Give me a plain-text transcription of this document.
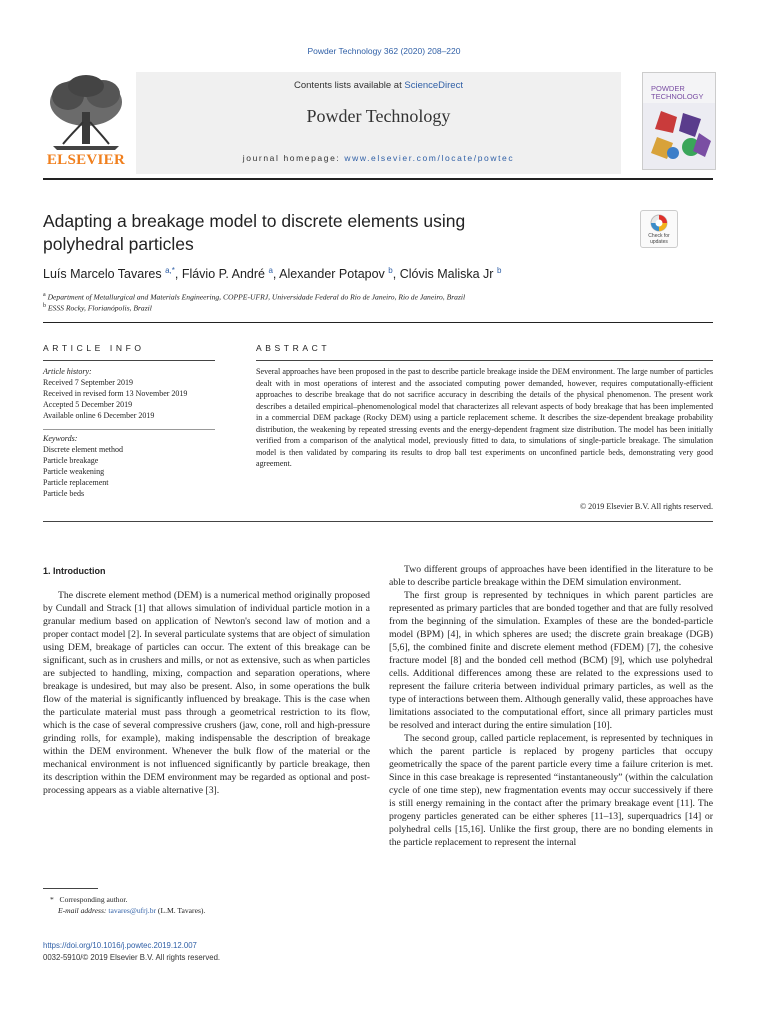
Powder Technology 362 (2020) 208–220
ELSEVIER
Contents lists available at ScienceDirect
Powder Technology
journal homepage: www.elsevier.com/locate/powtec
POWDER
TECHNOLOGY
Adapting a breakage model to discrete elements using
polyhedral particles	Check for
updates
Luís Marcelo Tavares $^{a,*}$, Flávio P. André $^a$, Alexander Potapov $^b$, Clóvis Maliska Jr $^b$
$^a$ Department of Metallurgical and Materials Engineering, COPPE-UFRJ, Universidade Federal do Rio de Janeiro, Rio de Janeiro, Brazil
$^b$ ESSS Rocky, Florianópolis, Brazil
ARTICLE INFO
Article history:
Received 7 September 2019
Received in revised form 13 November 2019
Accepted 5 December 2019
Available online 6 December 2019
Keywords:
Discrete element method
Particle breakage
Particle weakening
Particle replacement
Particle beds
ABSTRACT
Several approaches have been proposed in the past to describe particle breakage inside the DEM environment. The large number of particles dealt with in most operations of interest and the associated computing power demanded, however, requires computationally-efficient approaches to describe breakage that do not sacrifice accuracy in describing the details of the physical phenomenon. The present work describes a detailed empirical–phenomenological model that characterizes all relevant aspects of body breakage that has been implemented in a commercial DEM package (Rocky DEM) using a particle replacement scheme. It describes the size-dependent breakage probability distribution, the weakening by repeated stressing events and the energy-dependent fragment size distribution. The model has been initially verified from a comparison of the analytical model, previously fitted to data, to simulations of single-particle breakage. The simulation model is then validated by comparing its results to drop ball test experiments on unconfined particle beds, demonstrating very good agreement.
© 2019 Elsevier B.V. All rights reserved.
1. Introduction

The discrete element method (DEM) is a numerical method originally proposed by Cundall and Strack [1] that allows simulation of individual particle motion in a granular medium based on application of Newton's second law of motion and a proper contact model [2]. In several particulate systems that are object of simulation using DEM, breakage of particles can occur. The extent of this breakage can be significant, such as in crushers and mills, or not as extensive, such as when particles are subjected to handling, mixing, compaction and separation operations, where breakage is undesired, but may also be present. Also, in some operations the bulk flow of the material is significantly influenced by breakage. This is the case when the particulate material must pass through a geometrical restriction to its flow, which is the case of several compressive crushers (jaw, cone, roll and high-pressure grinding rolls, for example), making indispensable the description of breakage within the DEM environment. Whenever the bulk flow of the material or the mechanical environment is not influenced significantly by particle breakage, then its description within the DEM environment may be regarded as optional and post-processing appears as a viable alternative [3].

Two different groups of approaches have been identified in the literature to be able to describe particle breakage within the DEM simulation environment.

The first group is represented by techniques in which parent particles are represented as primary particles that are bonded together and that are fully resolved from the beginning of the simulation. Examples of these are the bonded-particle model (BPM) [4], in which spheres are used; the discrete grain breakage (DGB) [5,6], the combined finite and discrete element method (FDEM) [7], the cohesive fracture model [8] and the bonded cell method (BCM) [9], which use polyhedral cells. Additional differences among these are related to the expressions used to represent the failure criteria between individual primary particles, as well as the type of interactions between them. Although generally valid, these approaches have limitations associated to the computational effort, since all primary particles must be resolved and interact during the entire simulation [10].

The second group, called particle replacement, is represented by techniques in which the parent particle is replaced by progeny particles that occupy geometrically the space of the parent particle every time a failure criterion is met. Since in this case breakage is represented “instantaneously” (within the calculation cycle of one time step), new fragmentation events may occur successively if there is still energy remaining in the contact after the primary breakage event [11]. The progeny particles generated can be either spheres [11–13], superquadrics [14] or polyhedral cells [15,16]. Unlike the first group, there are no bonding elements in the particle replacement to represent the internal

* Corresponding author.
E-mail address: tavares@ufrj.br (L.M. Tavares).
https://doi.org/10.1016/j.powtec.2019.12.007
0032-5910/© 2019 Elsevier B.V. All rights reserved.
